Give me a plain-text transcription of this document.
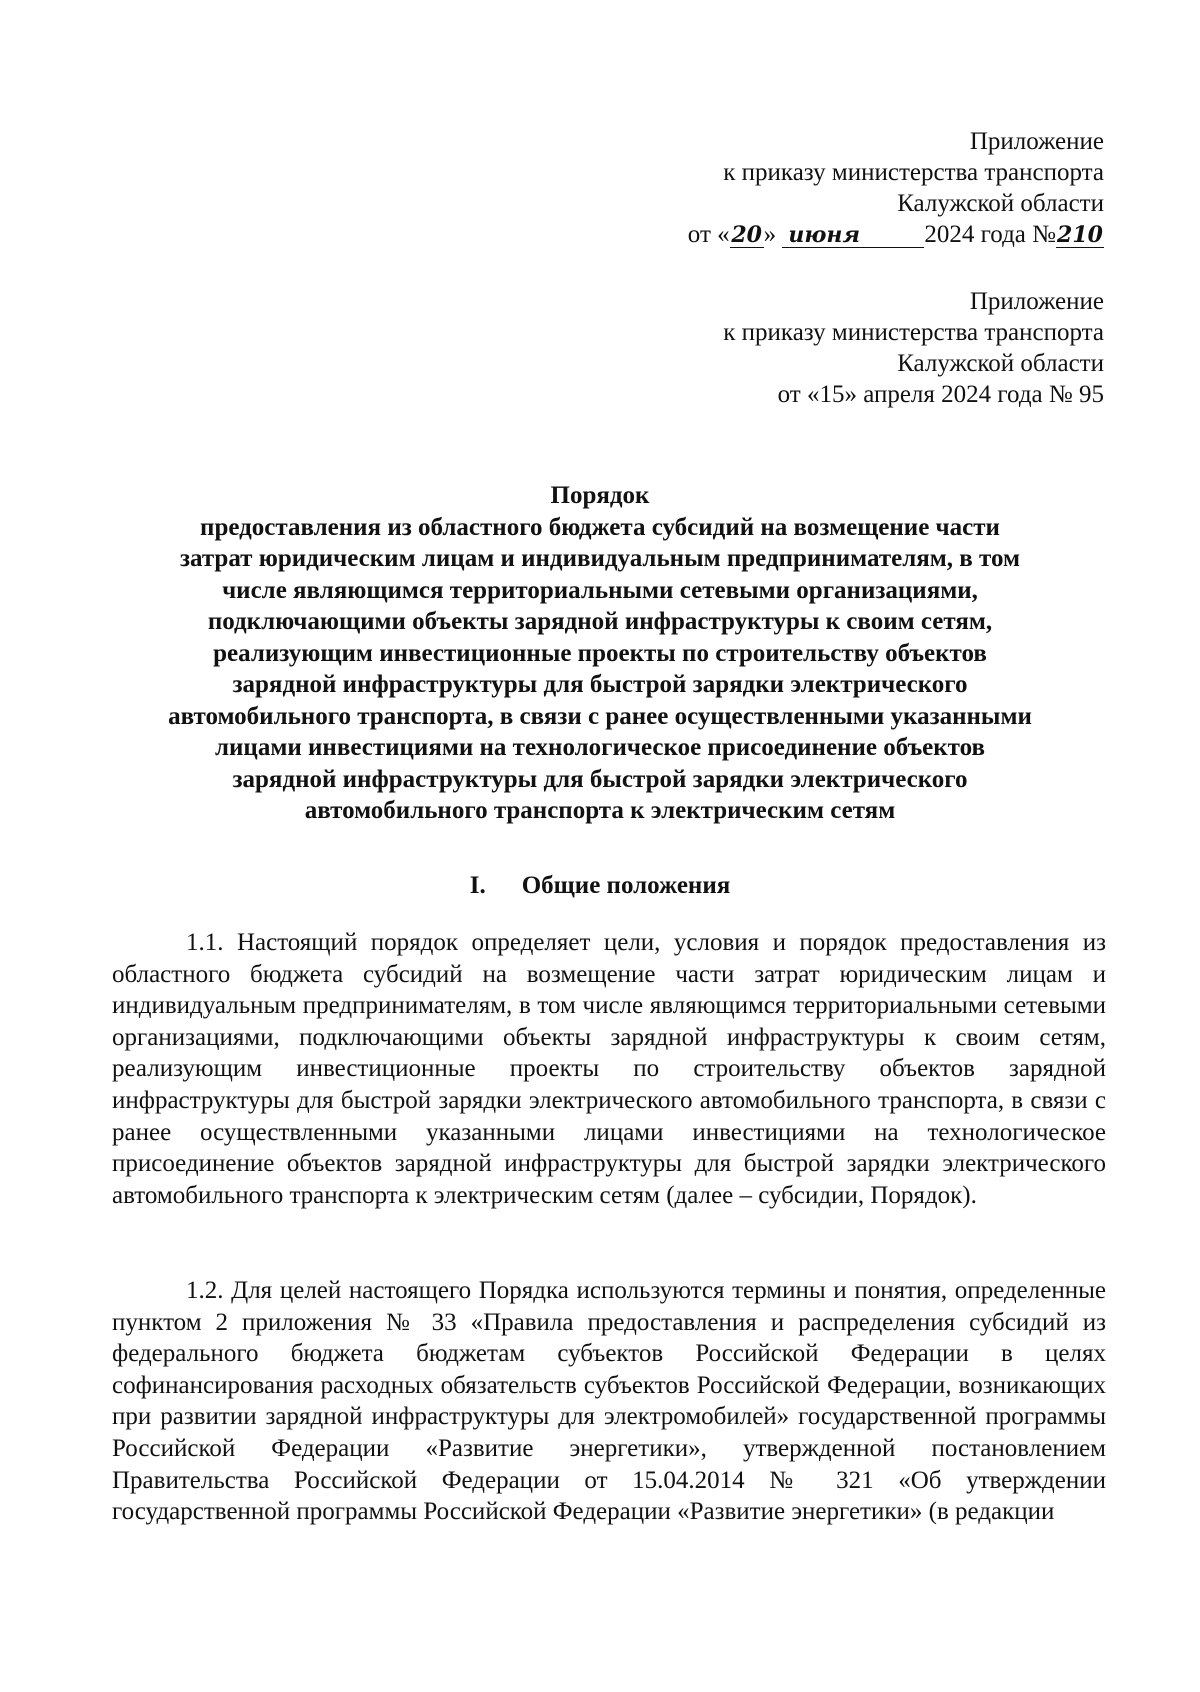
Приложение
к приказу министерства транспорта
Калужской области
от «20» июня	2024 года №210
Приложение
к приказу министерства транспорта
Калужской области
от «15» апреля 2024 года № 95
Порядок
предоставления из областного бюджета субсидий на возмещение части
затрат юридическим лицам и индивидуальным предпринимателям, в том
числе являющимся территориальными сетевыми организациями,
подключающими объекты зарядной инфраструктуры к своим сетям,
реализующим инвестиционные проекты по строительству объектов
зарядной инфраструктуры для быстрой зарядки электрического
автомобильного транспорта, в связи с ранее осуществленными указанными
лицами инвестициями на технологическое присоединение объектов
зарядной инфраструктуры для быстрой зарядки электрического
автомобильного транспорта к электрическим сетям
I. Общие положения

1.1. Настоящий порядок определяет цели, условия и порядок предоставления из областного бюджета субсидий на возмещение части затрат юридическим лицам и индивидуальным предпринимателям, в том числе являющимся территориальными сетевыми организациями, подключающими объекты зарядной инфраструктуры к своим сетям, реализующим инвестиционные проекты по строительству объектов зарядной инфраструктуры для быстрой зарядки электрического автомобильного транспорта, в связи с ранее осуществленными указанными лицами инвестициями на технологическое присоединение объектов зарядной инфраструктуры для быстрой зарядки электрического автомобильного транспорта к электрическим сетям (далее – субсидии, Порядок).

1.2. Для целей настоящего Порядка используются термины и понятия, определенные пунктом 2 приложения № 33 «Правила предоставления и распределения субсидий из федерального бюджета бюджетам субъектов Российской Федерации в целях софинансирования расходных обязательств субъектов Российской Федерации, возникающих при развитии зарядной инфраструктуры для электромобилей» государственной программы Российской Федерации «Развитие энергетики», утвержденной постановлением Правительства Российской Федерации от 15.04.2014 № 321 «Об утверждении государственной программы Российской Федерации «Развитие энергетики» (в редакции
